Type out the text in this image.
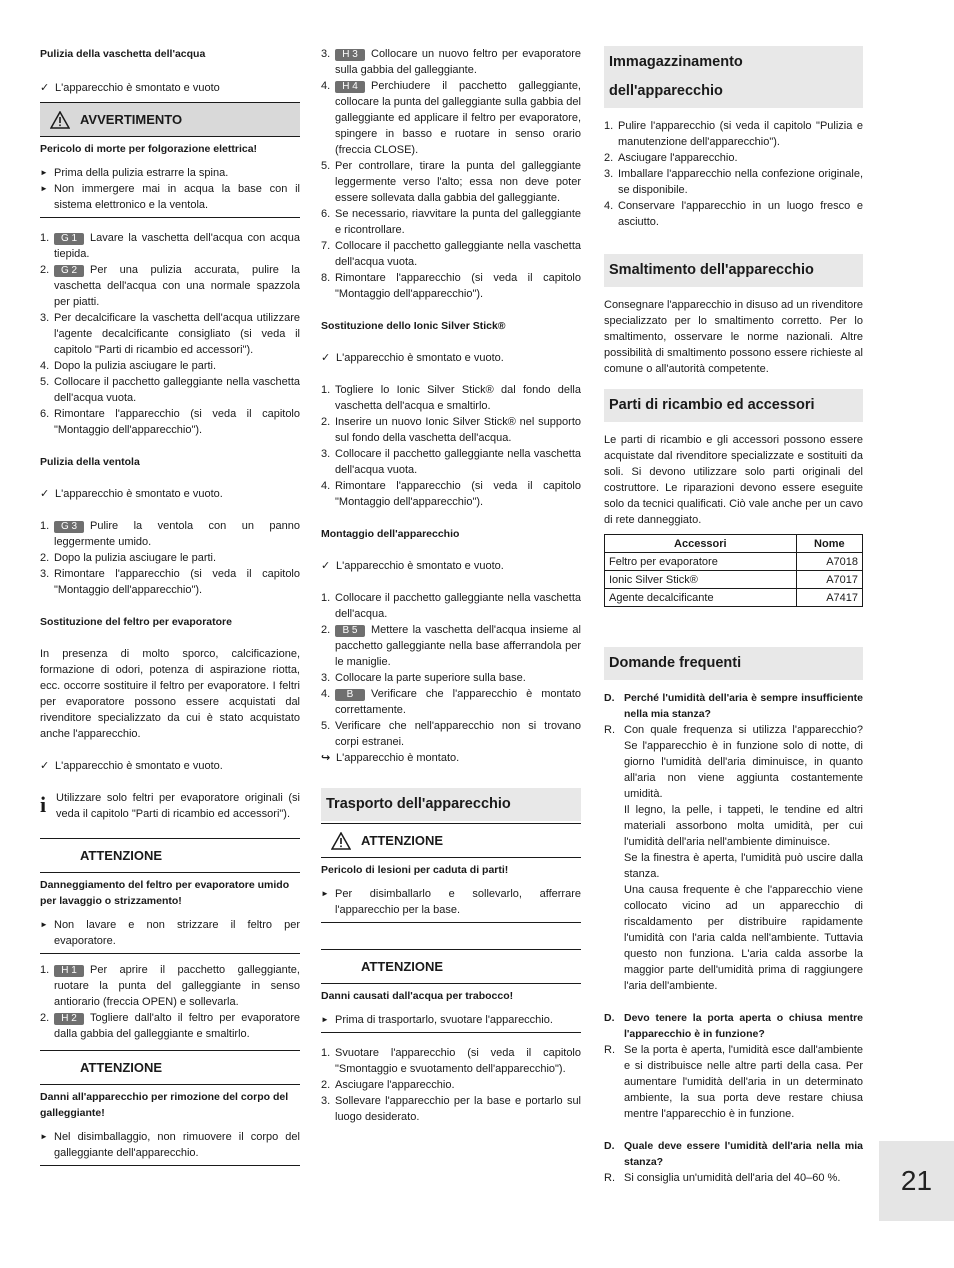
Pulizia della vaschetta dell'acqua
✓ L'apparecchio è smontato e vuoto
AVVERTIMENTO
Pericolo di morte per folgorazione elettrica!
► Prima della pulizia estrarre la spina.
► Non immergere mai in acqua la base con il sistema elettronico e la ventola.
1.	G 1 Lavare la vaschetta dell'acqua con acqua tiepida.
2.	G 2 Per una pulizia accurata, pulire la vaschetta dell'acqua con una normale spazzola per piatti.
3. Per decalcificare la vaschetta dell'acqua utilizzare l'agente decalcificante consigliato (si veda il capitolo "Parti di ricambio ed accessori").
4. Dopo la pulizia asciugare le parti.
5. Collocare il pacchetto galleggiante nella vaschetta dell'acqua vuota.
6. Rimontare l'apparecchio (si veda il capitolo "Montaggio dell'apparecchio").
Pulizia della ventola
✓ L'apparecchio è smontato e vuoto.
1.	G 3 Pulire la ventola con un panno leggermente umido.
2. Dopo la pulizia asciugare le parti.
3. Rimontare l'apparecchio (si veda il capitolo "Montaggio dell'apparecchio").
Sostituzione del feltro per evaporatore
In presenza di molto sporco, calcificazione, formazione di odori, potenza di aspirazione riotta, ecc. occorre sostituire il feltro per evaporatore. I feltri per evaporatore possono essere acquistati dal rivenditore specializzato da cui è stato acquistato anche l'apparecchio.
✓ L'apparecchio è smontato e vuoto.
i Utilizzare solo feltri per evaporatore originali (si veda il capitolo "Parti di ricambio ed accessori").
ATTENZIONE
Danneggiamento del feltro per evaporatore umido per lavaggio o strizzamento!
► Non lavare e non strizzare il feltro per evaporatore.
1.	H 1 Per aprire il pacchetto galleggiante, ruotare la punta del galleggiante in senso antiorario (freccia OPEN) e sollevarla.
2.	H 2 Togliere dall'alto il feltro per evaporatore dalla gabbia del galleggiante e smaltirlo.
ATTENZIONE
Danni all'apparecchio per rimozione del corpo del galleggiante!
► Nel disimballaggio, non rimuovere il corpo del galleggiante dell'apparecchio.
3.	H 3 Collocare un nuovo feltro per evaporatore sulla gabbia del galleggiante.
4.	H 4 Perchiudere il pacchetto galleggiante, collocare la punta del galleggiante sulla gabbia del galleggiante ed applicare il feltro per evaporatore, spingere in basso e ruotare in senso orario (freccia CLOSE).
5. Per controllare, tirare la punta del galleggiante leggermente verso l'alto; essa non deve poter essere sollevata dalla gabbia del galleggiante.
6. Se necessario, riavvitare la punta del galleggiante e ricontrollare.
7. Collocare il pacchetto galleggiante nella vaschetta dell'acqua vuota.
8. Rimontare l'apparecchio (si veda il capitolo "Montaggio dell'apparecchio").
Sostituzione dello Ionic Silver Stick®
✓ L'apparecchio è smontato e vuoto.
1. Togliere lo Ionic Silver Stick® dal fondo della vaschetta dell'acqua e smaltirlo.
2. Inserire un nuovo Ionic Silver Stick® nel supporto sul fondo della vaschetta dell'acqua.
3. Collocare il pacchetto galleggiante nella vaschetta dell'acqua vuota.
4. Rimontare l'apparecchio (si veda il capitolo "Montaggio dell'apparecchio").
Montaggio dell'apparecchio
✓ L'apparecchio è smontato e vuoto.
1. Collocare il pacchetto galleggiante nella vaschetta dell'acqua.
2.	B 5 Mettere la vaschetta dell'acqua insieme al pacchetto galleggiante nella base afferrandola per le maniglie.
3. Collocare la parte superiore sulla base.
4.	B Verificare che l'apparecchio è montato correttamente.
5. Verificare che nell'apparecchio non si trovano corpi estranei.
↪ L'apparecchio è montato.
Trasporto dell'apparecchio
ATTENZIONE
Pericolo di lesioni per caduta di parti!
► Per disimballarlo e sollevarlo, afferrare l'apparecchio per la base.
ATTENZIONE
Danni causati dall'acqua per trabocco!
► Prima di trasportarlo, svuotare l'apparecchio.
1. Svuotare l'apparecchio (si veda il capitolo "Smontaggio e svuotamento dell'apparecchio").
2. Asciugare l'apparecchio.
3. Sollevare l'apparecchio per la base e portarlo sul luogo desiderato.
Immagazzinamento dell'apparecchio
1. Pulire l'apparecchio (si veda il capitolo "Pulizia e manutenzione dell'apparecchio").
2. Asciugare l'apparecchio.
3. Imballare l'apparecchio nella confezione originale, se disponibile.
4. Conservare l'apparecchio in un luogo fresco e asciutto.
Smaltimento dell'apparecchio
Consegnare l'apparecchio in disuso ad un rivenditore specializzato per lo smaltimento corretto. Per lo smaltimento, osservare le norme nazionali. Altre possibilità di smaltimento possono essere richieste al comune o all'autorità competente.
Parti di ricambio ed accessori
Le parti di ricambio e gli accessori possono essere acquistate dal rivenditore specializzate e sostituiti da soli. Si devono utilizzare solo parti originali del costruttore. Le riparazioni devono essere eseguite solo da tecnici qualificati. Ciò vale anche per un cavo di rete danneggiato.
Accessori	Nome
Feltro per evaporatore	A7018
Ionic Silver Stick®	A7017
Agente decalcificante	A7417
Domande frequenti
D. Perché l'umidità dell'aria è sempre insufficiente nella mia stanza?
R. Con quale frequenza si utilizza l'apparecchio? Se l'apparecchio è in funzione solo di notte, di giorno l'umidità dell'aria diminuisce, in quanto all'aria non viene aggiunta costantemente umidità.
Il legno, la pelle, i tappeti, le tendine ed altri materiali assorbono molta umidità, per cui l'umidità dell'aria nell'ambiente diminuisce.
Se la finestra è aperta, l'umidità può uscire dalla stanza.
Una causa frequente è che l'apparecchio viene collocato vicino ad un apparecchio di riscaldamento per distribuire rapidamente l'umidità con l'aria calda nell'ambiente. Tuttavia questo non funziona. L'aria calda assorbe la maggior parte dell'umidità prima di raggiungere l'aria dell'ambiente.
D. Devo tenere la porta aperta o chiusa mentre l'apparecchio è in funzione?
R. Se la porta è aperta, l'umidità esce dall'ambiente e si distribuisce nelle altre parti della casa. Per aumentare l'umidità dell'aria in un determinato ambiente, la sua porta deve restare chiusa mentre l'apparecchio è in funzione.
D. Quale deve essere l'umidità dell'aria nella mia stanza?
R. Si consiglia un'umidità dell'aria del 40–60 %.	21
